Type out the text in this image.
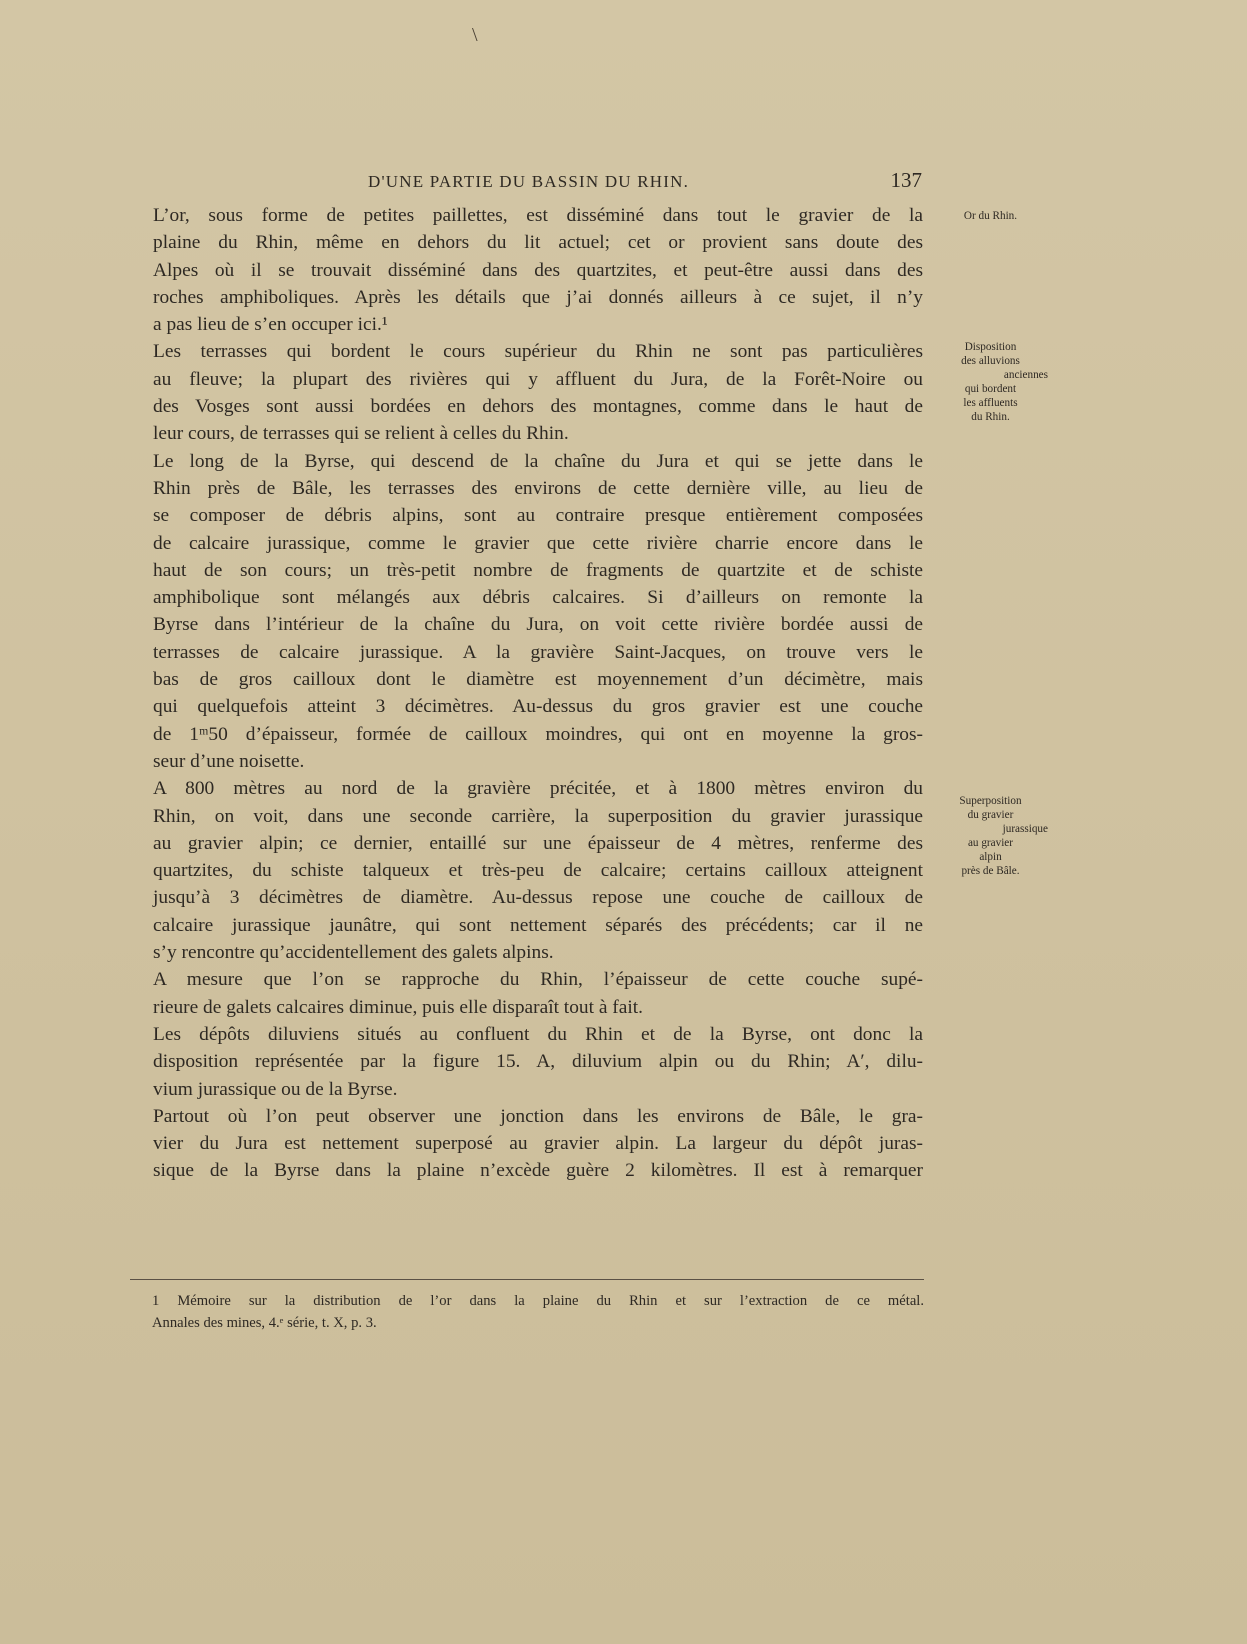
\
D'UNE PARTIE DU BASSIN DU RHIN.	137
L’or, sous forme de petites paillettes, est disséminé dans tout le gravier de la
plaine du Rhin, même en dehors du lit actuel; cet or provient sans doute des
Alpes où il se trouvait disséminé dans des quartzites, et peut-être aussi dans des
roches amphiboliques. Après les détails que j’ai donnés ailleurs à ce sujet, il n’y
a pas lieu de s’en occuper ici.¹
Les terrasses qui bordent le cours supérieur du Rhin ne sont pas particulières
au fleuve; la plupart des rivières qui y affluent du Jura, de la Forêt-Noire ou
des Vosges sont aussi bordées en dehors des montagnes, comme dans le haut de
leur cours, de terrasses qui se relient à celles du Rhin.
Le long de la Byrse, qui descend de la chaîne du Jura et qui se jette dans le
Rhin près de Bâle, les terrasses des environs de cette dernière ville, au lieu de
se composer de débris alpins, sont au contraire presque entièrement composées
de calcaire jurassique, comme le gravier que cette rivière charrie encore dans le
haut de son cours; un très-petit nombre de fragments de quartzite et de schiste
amphibolique sont mélangés aux débris calcaires. Si d’ailleurs on remonte la
Byrse dans l’intérieur de la chaîne du Jura, on voit cette rivière bordée aussi de
terrasses de calcaire jurassique. A la gravière Saint-Jacques, on trouve vers le
bas de gros cailloux dont le diamètre est moyennement d’un décimètre, mais
qui quelquefois atteint 3 décimètres. Au-dessus du gros gravier est une couche
de 1ᵐ50 d’épaisseur, formée de cailloux moindres, qui ont en moyenne la gros-
seur d’une noisette.
A 800 mètres au nord de la gravière précitée, et à 1800 mètres environ du
Rhin, on voit, dans une seconde carrière, la superposition du gravier jurassique
au gravier alpin; ce dernier, entaillé sur une épaisseur de 4 mètres, renferme des
quartzites, du schiste talqueux et très-peu de calcaire; certains cailloux atteignent
jusqu’à 3 décimètres de diamètre. Au-dessus repose une couche de cailloux de
calcaire jurassique jaunâtre, qui sont nettement séparés des précédents; car il ne
s’y rencontre qu’accidentellement des galets alpins.
A mesure que l’on se rapproche du Rhin, l’épaisseur de cette couche supé-
rieure de galets calcaires diminue, puis elle disparaît tout à fait.
Les dépôts diluviens situés au confluent du Rhin et de la Byrse, ont donc la
disposition représentée par la figure 15. A, diluvium alpin ou du Rhin; A′, dilu-
vium jurassique ou de la Byrse.
Partout où l’on peut observer une jonction dans les environs de Bâle, le gra-
vier du Jura est nettement superposé au gravier alpin. La largeur du dépôt juras-
sique de la Byrse dans la plaine n’excède guère 2 kilomètres. Il est à remarquer
Or du Rhin.
Disposition
des alluvions
anciennes
qui bordent
les affluents
du Rhin.
Superposition
du gravier
jurassique
au gravier
alpin
près de Bâle.
1 Mémoire sur la distribution de l’or dans la plaine du Rhin et sur l’extraction de ce métal.
Annales des mines, 4.ᵉ série, t. X, p. 3.
